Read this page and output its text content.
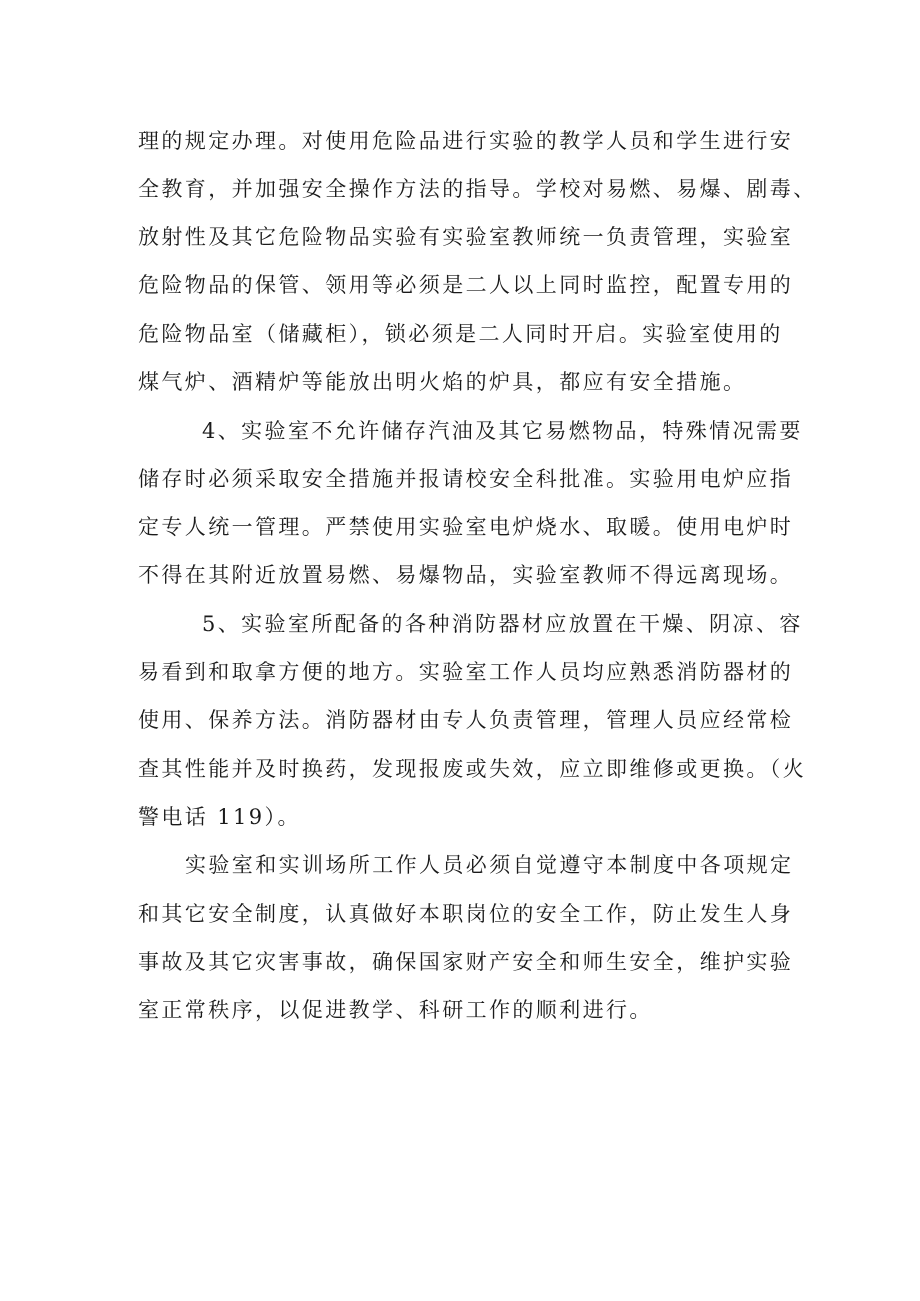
理的规定办理。对使用危险品进行实验的教学人员和学生进行安
全教育，并加强安全操作方法的指导。学校对易燃、易爆、剧毒、
放射性及其它危险物品实验有实验室教师统一负责管理，实验室
危险物品的保管、领用等必须是二人以上同时监控，配置专用的
危险物品室（储藏柜），锁必须是二人同时开启。实验室使用的
煤气炉、酒精炉等能放出明火焰的炉具，都应有安全措施。
4、实验室不允许储存汽油及其它易燃物品，特殊情况需要
储存时必须采取安全措施并报请校安全科批准。实验用电炉应指
定专人统一管理。严禁使用实验室电炉烧水、取暖。使用电炉时
不得在其附近放置易燃、易爆物品，实验室教师不得远离现场。
5、实验室所配备的各种消防器材应放置在干燥、阴凉、容
易看到和取拿方便的地方。实验室工作人员均应熟悉消防器材的
使用、保养方法。消防器材由专人负责管理，管理人员应经常检
查其性能并及时换药，发现报废或失效，应立即维修或更换。（火
警电话 119）。
实验室和实训场所工作人员必须自觉遵守本制度中各项规定
和其它安全制度，认真做好本职岗位的安全工作，防止发生人身
事故及其它灾害事故，确保国家财产安全和师生安全，维护实验
室正常秩序，以促进教学、科研工作的顺利进行。
